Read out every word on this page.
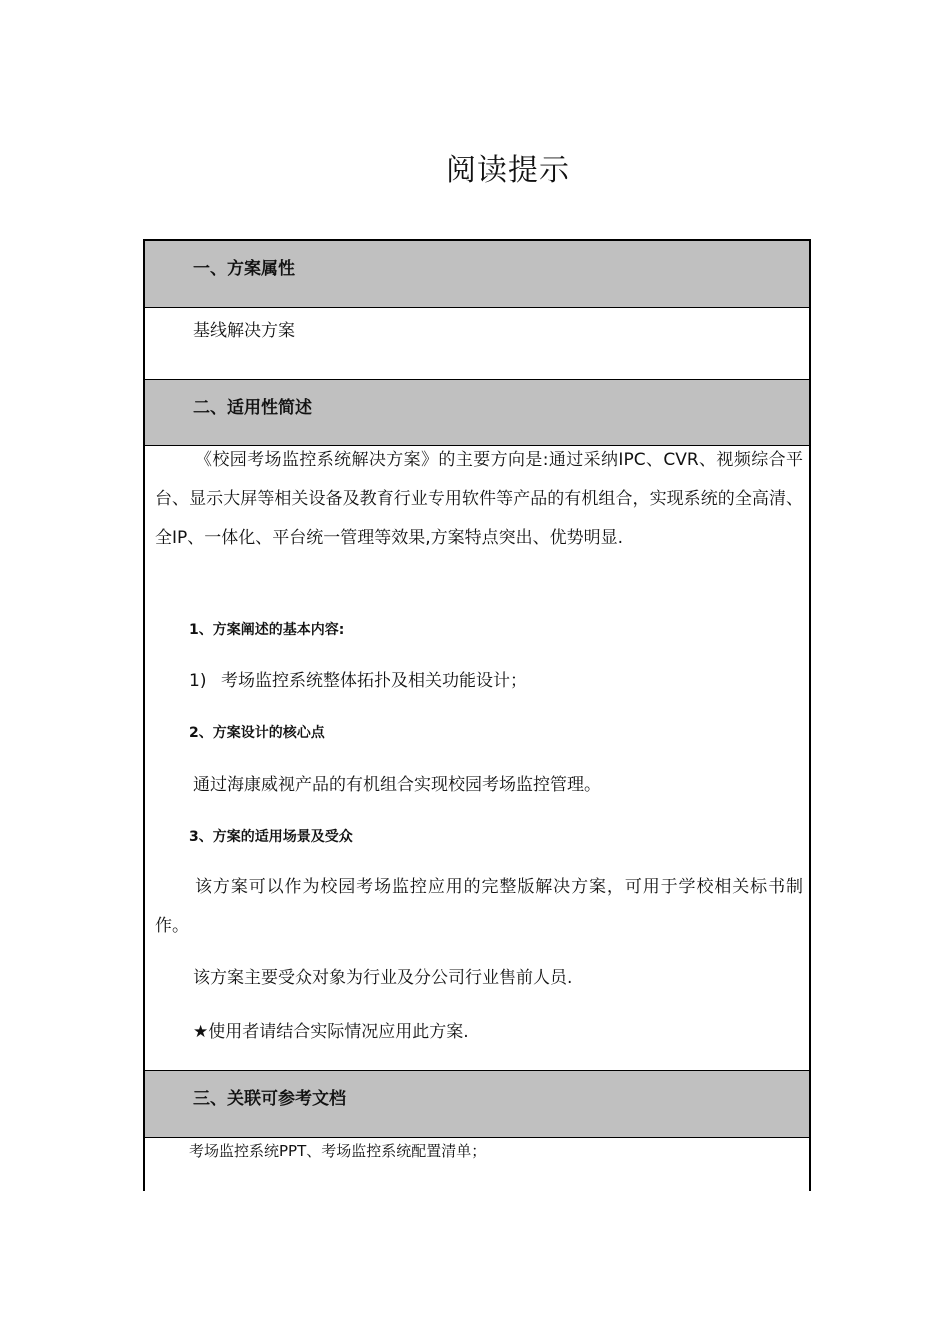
阅读提示
一、方案属性
基线解决方案
二、适用性简述
《校园考场监控系统解决方案》的主要方向是:通过采纳IPC、CVR、视频综合平台、显示大屏等相关设备及教育行业专用软件等产品的有机组合，实现系统的全高清、全IP、一体化、平台统一管理等效果,方案特点突出、优势明显.
1、方案阐述的基本内容:
1) 考场监控系统整体拓扑及相关功能设计；
2、方案设计的核心点
通过海康威视产品的有机组合实现校园考场监控管理。
3、方案的适用场景及受众
该方案可以作为校园考场监控应用的完整版解决方案，可用于学校相关标书制作。
该方案主要受众对象为行业及分公司行业售前人员.
★使用者请结合实际情况应用此方案.
三、关联可参考文档
考场监控系统PPT、考场监控系统配置清单；
